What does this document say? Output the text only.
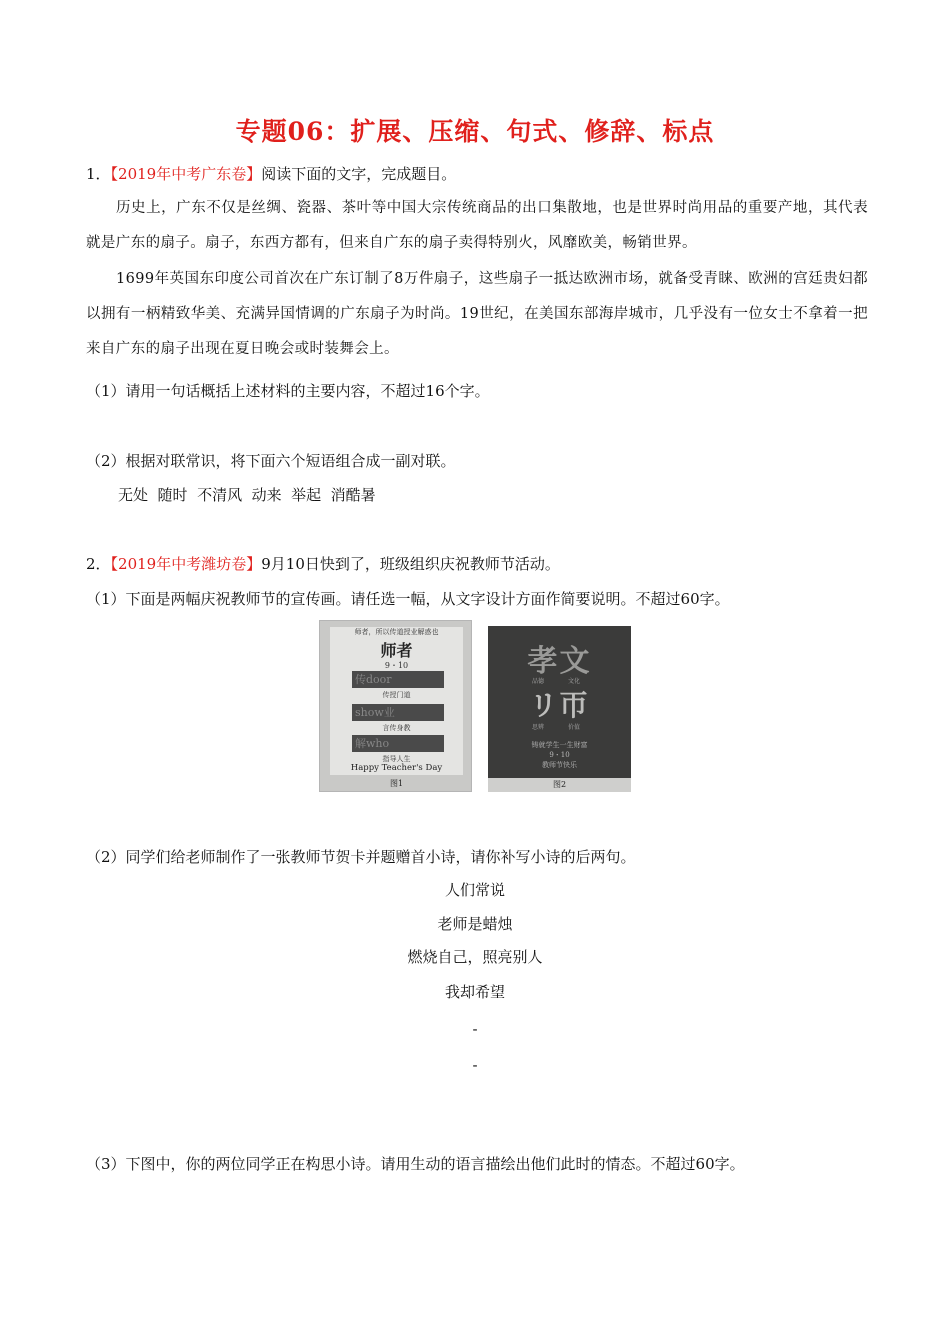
专题06：扩展、压缩、句式、修辞、标点
1．【2019年中考广东卷】阅读下面的文字，完成题目。
历史上，广东不仅是丝绸、瓷器、茶叶等中国大宗传统商品的出口集散地，也是世界时尚用品的重要产地，其代表就是广东的扇子。扇子，东西方都有，但来自广东的扇子卖得特别火，风靡欧美，畅销世界。
1699年英国东印度公司首次在广东订制了8万件扇子，这些扇子一抵达欧洲市场，就备受青睐、欧洲的宫廷贵妇都以拥有一柄精致华美、充满异国情调的广东扇子为时尚。19世纪，在美国东部海岸城市，几乎没有一位女士不拿着一把来自广东的扇子出现在夏日晚会或时装舞会上。
（1）请用一句话概括上述材料的主要内容，不超过16个字。
（2）根据对联常识，将下面六个短语组合成一副对联。
无处  随时  不清风  动来  举起  消酷暑
2．【2019年中考潍坊卷】9月10日快到了，班级组织庆祝教师节活动。
（1）下面是两幅庆祝教师节的宣传画。请任选一幅，从文字设计方面作简要说明。不超过60字。
师者，所以传道授业解惑也
师者
9・10
传door
传授门道
show业
言传身教
解who
指导人生
Happy Teacher's Day
图1
孝文
品德	文化
リ帀
思辨	价值
铸就学生一生财富
9・10
教师节快乐
图2
（2）同学们给老师制作了一张教师节贺卡并题赠首小诗，请你补写小诗的后两句。
人们常说
老师是蜡烛
燃烧自己，照亮别人
我却希望
-
-
（3）下图中，你的两位同学正在构思小诗。请用生动的语言描绘出他们此时的情态。不超过60字。
